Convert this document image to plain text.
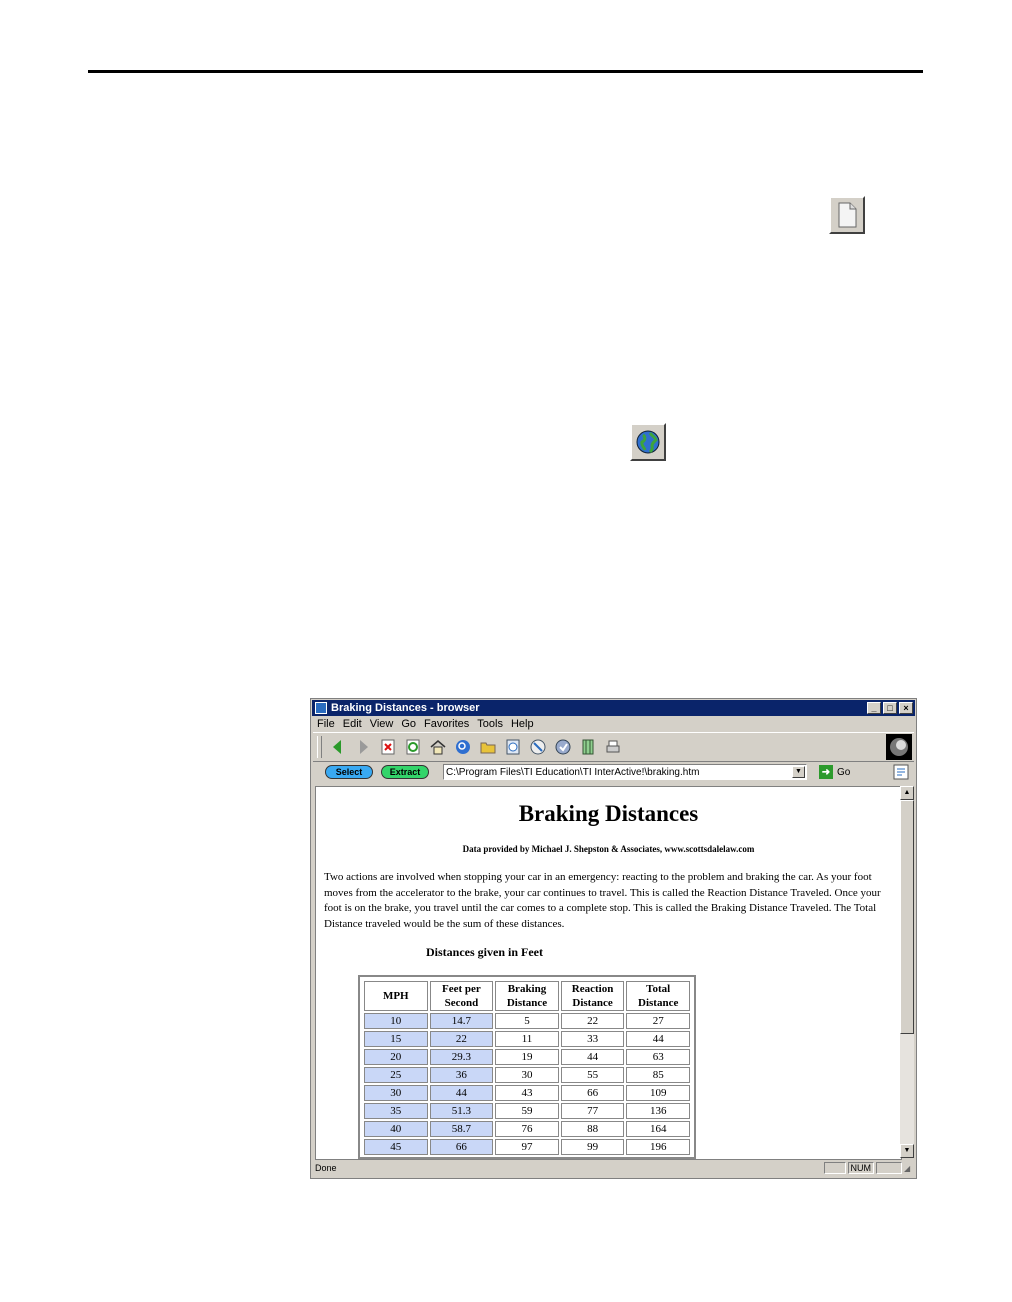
Braking Distances - browser	_	□	×
File Edit View Go Favorites Tools Help
Select	Extract	C:\Program Files\TI Education\TI InterActive!\braking.htm	▼	➜ Go
Braking Distances
Data provided by Michael J. Shepston & Associates, www.scottsdalelaw.com
Two actions are involved when stopping your car in an emergency: reacting to the problem and braking the car. As your foot moves from the accelerator to the brake, your car continues to travel. This is called the Reaction Distance Traveled. Once your foot is on the brake, you travel until the car comes to a complete stop. This is called the Braking Distance Traveled. The Total Distance traveled would be the sum of these distances.
Distances given in Feet
MPH	Feet per Second	Braking Distance	Reaction Distance	Total Distance
10	14.7	5	22	27
15	22	11	33	44
20	29.3	19	44	63
25	36	30	55	85
30	44	43	66	109
35	51.3	59	77	136
40	58.7	76	88	164
45	66	97	99	196
▲
▼
Done	NUM	◢
